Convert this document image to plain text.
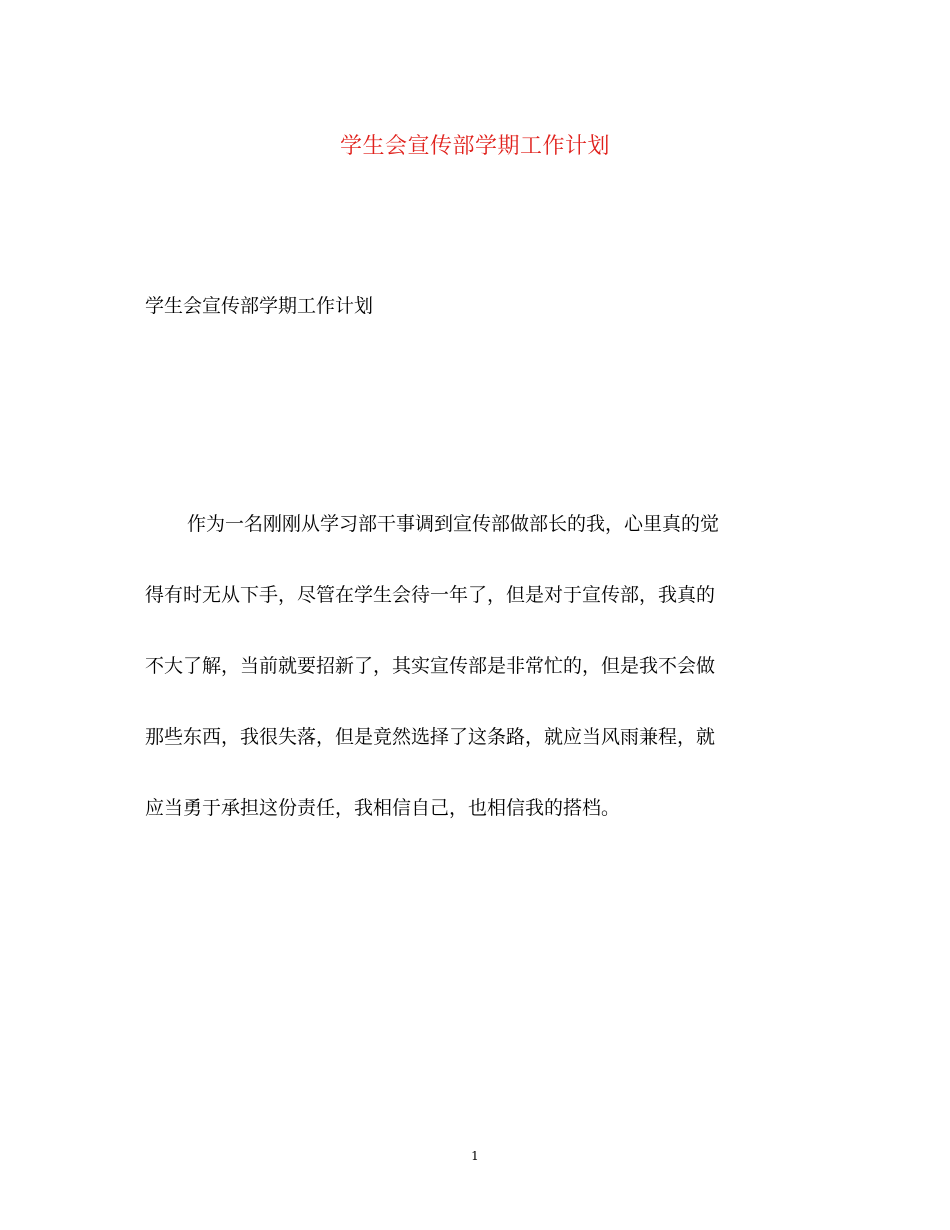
学生会宣传部学期工作计划
学生会宣传部学期工作计划
作为一名刚刚从学习部干事调到宣传部做部长的我，心里真的觉
得有时无从下手，尽管在学生会待一年了，但是对于宣传部，我真的
不大了解，当前就要招新了，其实宣传部是非常忙的，但是我不会做
那些东西，我很失落，但是竟然选择了这条路，就应当风雨兼程，就
应当勇于承担这份责任，我相信自己，也相信我的搭档。
1
